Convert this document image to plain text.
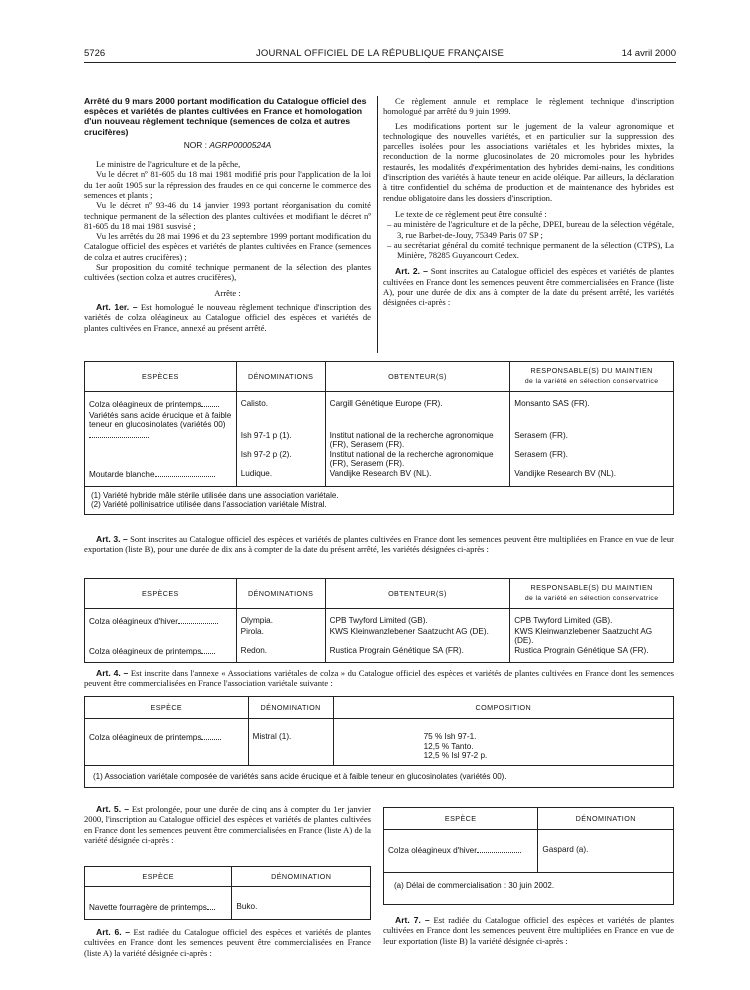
5726	JOURNAL OFFICIEL DE LA RÉPUBLIQUE FRANÇAISE	14 avril 2000

Arrêté du 9 mars 2000 portant modification du Catalogue officiel des espèces et variétés de plantes cultivées en France et homologation d'un nouveau règlement technique (semences de colza et autres crucifères)

NOR : AGRP0000524A

Le ministre de l'agriculture et de la pêche,

Vu le décret nº 81-605 du 18 mai 1981 modifié pris pour l'application de la loi du 1er août 1905 sur la répression des fraudes en ce qui concerne le commerce des semences et plants ;

Vu le décret nº 93-46 du 14 janvier 1993 portant réorganisation du comité technique permanent de la sélection des plantes cultivées et modifiant le décret nº 81-605 du 18 mai 1981 susvisé ;

Vu les arrêtés du 28 mai 1996 et du 23 septembre 1999 portant modification du Catalogue officiel des espèces et variétés de plantes cultivées en France (semences de colza et autres crucifères) ;

Sur proposition du comité technique permanent de la sélection des plantes cultivées (section colza et autres crucifères),

Arrête :

Art. 1er. – Est homologué le nouveau règlement technique d'inscription des variétés de colza oléagineux au Catalogue officiel des espèces et variétés de plantes cultivées en France, annexé au présent arrêté.

Ce règlement annule et remplace le règlement technique d'inscription homologué par arrêté du 9 juin 1999.

Les modifications portent sur le jugement de la valeur agronomique et technologique des nouvelles variétés, et en particulier sur la suppression des parcelles isolées pour les associations variétales et les hybrides mixtes, la reconduction de la norme glucosinolates de 20 micromoles pour les hybrides restaurés, les modalités d'expérimentation des hybrides demi-nains, les conditions d'inscription des variétés à haute teneur en acide oléique. Par ailleurs, la déclaration à titre confidentiel du schéma de production et de maintenance des hybrides est rendue obligatoire dans les dossiers d'inscription.

Le texte de ce règlement peut être consulté :

– au ministère de l'agriculture et de la pêche, DPEI, bureau de la sélection végétale, 3, rue Barbet-de-Jouy, 75349 Paris 07 SP ;
– au secrétariat général du comité technique permanent de la sélection (CTPS), La Minière, 78285 Guyancourt Cedex.

Art. 2. – Sont inscrites au Catalogue officiel des espèces et variétés de plantes cultivées en France dont les semences peuvent être commercialisées en France (liste A), pour une durée de dix ans à compter de la date du présent arrêté, les variétés désignées ci-après :

ESPÈCES	DÉNOMINATIONS	OBTENTEUR(S)	RESPONSABLE(S) DU MAINTIEN
de la variété en sélection conservatrice
Colza oléagineux de printemps	Calisto.	Cargill Génétique Europe (FR).	Monsanto SAS (FR).
Variétés sans acide érucique et à faible teneur en glucosinolates (variétés 00)	Ish 97-1 p (1).	Institut national de la recherche agronomique (FR), Serasem (FR).	Serasem (FR).
	Ish 97-2 p (2).	Institut national de la recherche agronomique (FR), Serasem (FR).	Serasem (FR).
Moutarde blanche	Ludique.	Vandijke Research BV (NL).	Vandijke Research BV (NL).

(1) Variété hybride mâle stérile utilisée dans une association variétale.
(2) Variété pollinisatrice utilisée dans l'association variétale Mistral.			

Art. 3. – Sont inscrites au Catalogue officiel des espèces et variétés de plantes cultivées en France dont les semences peuvent être multipliées en France en vue de leur exportation (liste B), pour une durée de dix ans à compter de la date du présent arrêté, les variétés désignées ci-après :

ESPÈCES	DÉNOMINATIONS	OBTENTEUR(S)	RESPONSABLE(S) DU MAINTIEN
de la variété en sélection conservatrice
Colza oléagineux d'hiver	Olympia.	CPB Twyford Limited (GB).	CPB Twyford Limited (GB).
	Pirola.	KWS Kleinwanzlebener Saatzucht AG (DE).	KWS Kleinwanzlebener Saatzucht AG (DE).
Colza oléagineux de printemps	Redon.	Rustica Prograin Génétique SA (FR).	Rustica Prograin Génétique SA (FR).

Art. 4. – Est inscrite dans l'annexe « Associations variétales de colza » du Catalogue officiel des espèces et variétés de plantes cultivées en France dont les semences peuvent être commercialisées en France l'association variétale suivante :

ESPÈCE	DÉNOMINATION	COMPOSITION
Colza oléagineux de printemps	Mistral (1).	75 % Ish 97-1.
12,5 % Tanto.
12,5 % Isl 97-2 p.

(1) Association variétale composée de variétés sans acide érucique et à faible teneur en glucosinolates (variétés 00).		

Art. 5. – Est prolongée, pour une durée de cinq ans à compter du 1er janvier 2000, l'inscription au Catalogue officiel des espèces et variétés de plantes cultivées en France dont les semences peuvent être commercialisées en France (liste A) de la variété désignée ci-après :

ESPÈCE	DÉNOMINATION
Navette fourragère de printemps	Buko.

Art. 6. – Est radiée du Catalogue officiel des espèces et variétés de plantes cultivées en France dont les semences peuvent être commercialisées en France (liste A) la variété désignée ci-après :

ESPÈCE	DÉNOMINATION
Colza oléagineux d'hiver	Gaspard (a).
(a) Délai de commercialisation : 30 juin 2002.	

Art. 7. – Est radiée du Catalogue officiel des espèces et variétés de plantes cultivées en France dont les semences peuvent être multipliées en France en vue de leur exportation (liste B) la variété désignée ci-après :
